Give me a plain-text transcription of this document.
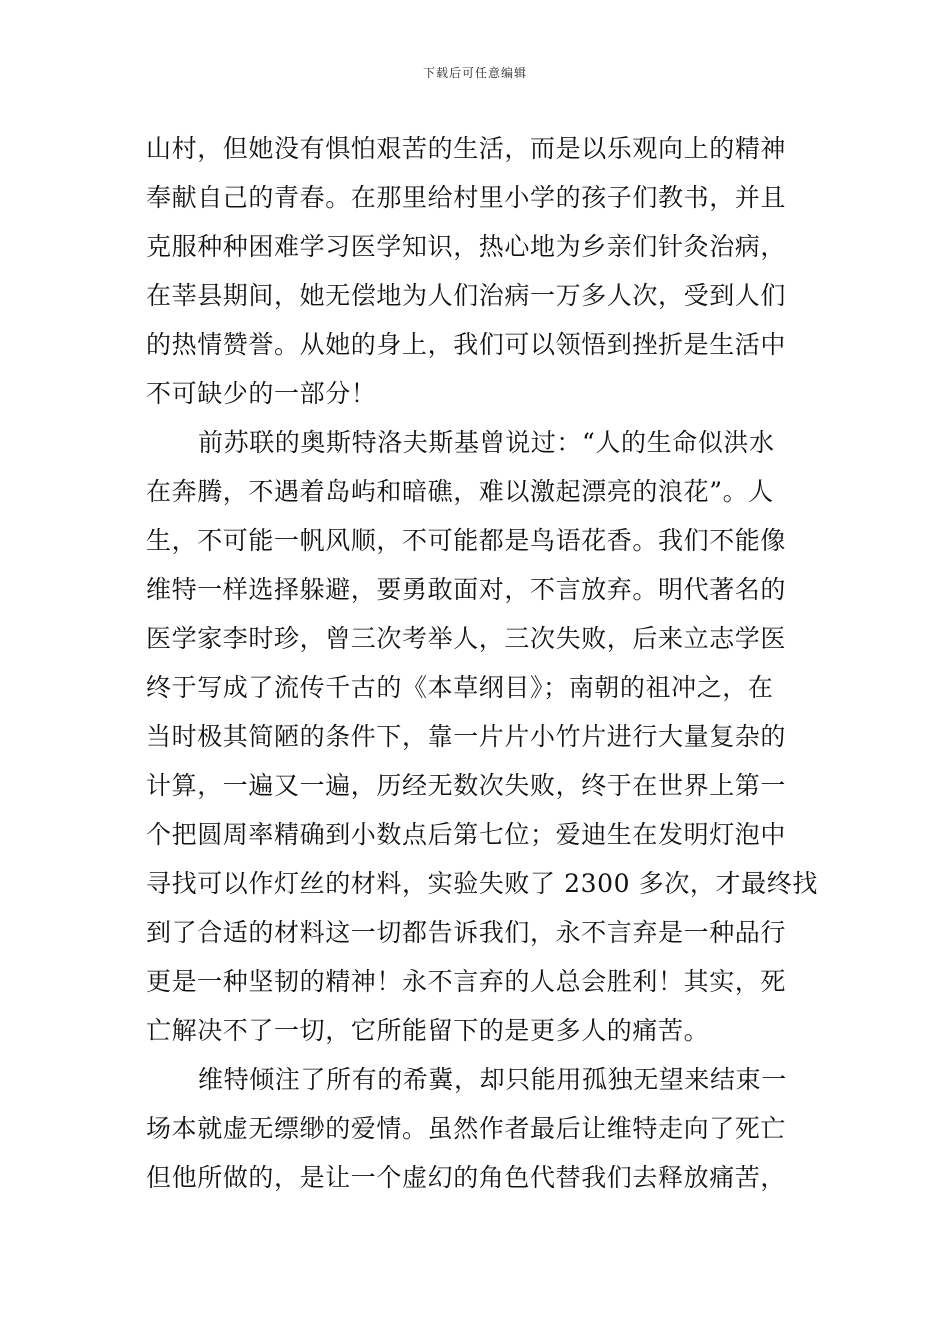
下载后可任意编辑
山村，但她没有惧怕艰苦的生活，而是以乐观向上的精神
奉献自己的青春。在那里给村里小学的孩子们教书，并且
克服种种困难学习医学知识，热心地为乡亲们针灸治病，
在莘县期间，她无偿地为人们治病一万多人次，受到人们
的热情赞誉。从她的身上，我们可以领悟到挫折是生活中
不可缺少的一部分！
前苏联的奥斯特洛夫斯基曾说过：“人的生命似洪水
在奔腾，不遇着岛屿和暗礁，难以激起漂亮的浪花”。人
生，不可能一帆风顺，不可能都是鸟语花香。我们不能像
维特一样选择躲避，要勇敢面对，不言放弃。明代著名的
医学家李时珍，曾三次考举人，三次失败，后来立志学医
终于写成了流传千古的《本草纲目》；南朝的祖冲之，在
当时极其简陋的条件下，靠一片片小竹片进行大量复杂的
计算，一遍又一遍，历经无数次失败，终于在世界上第一
个把圆周率精确到小数点后第七位；爱迪生在发明灯泡中
寻找可以作灯丝的材料，实验失败了 2300 多次，才最终找
到了合适的材料这一切都告诉我们，永不言弃是一种品行
更是一种坚韧的精神！永不言弃的人总会胜利！其实，死
亡解决不了一切，它所能留下的是更多人的痛苦。
维特倾注了所有的希冀，却只能用孤独无望来结束一
场本就虚无缥缈的爱情。虽然作者最后让维特走向了死亡
但他所做的，是让一个虚幻的角色代替我们去释放痛苦，
